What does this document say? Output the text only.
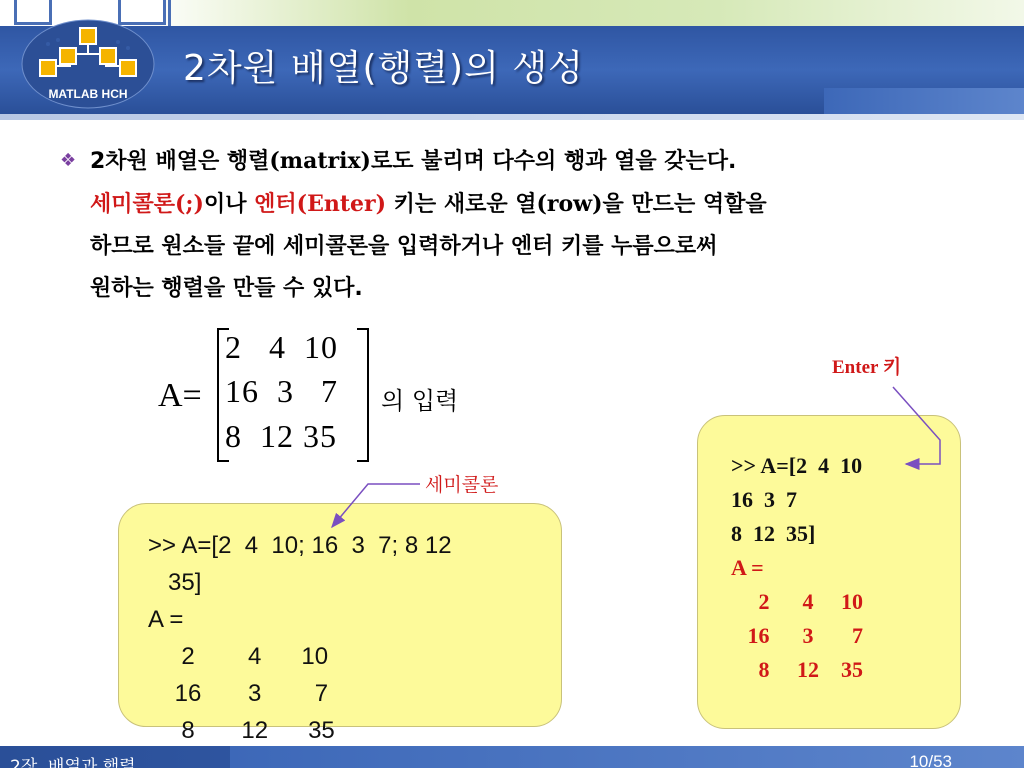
MATLAB HCH
2차원 배열(행렬)의 생성
❖ 2차원 배열은 행렬(matrix)로도 불리며 다수의 행과 열을 갖는다.
세미콜론(;)이나 엔터(Enter) 키는 새로운 열(row)을 만드는 역할을
하므로 원소들 끝에 세미콜론을 입력하거나 엔터 키를 누름으로써
원하는 행렬을 만들 수 있다.
A=
2   4  10
16  3   7
8  12 35
의 입력
Enter 키
세미콜론
>> A=[2  4  10; 16  3  7; 8 12
35]
A =
2        4      10
16       3        7
8       12      35
>> A=[2  4  10
16  3  7
8  12  35]
A =
2      4     10
16      3       7
8     12    35
2장. 배열과 행렬	10/53
